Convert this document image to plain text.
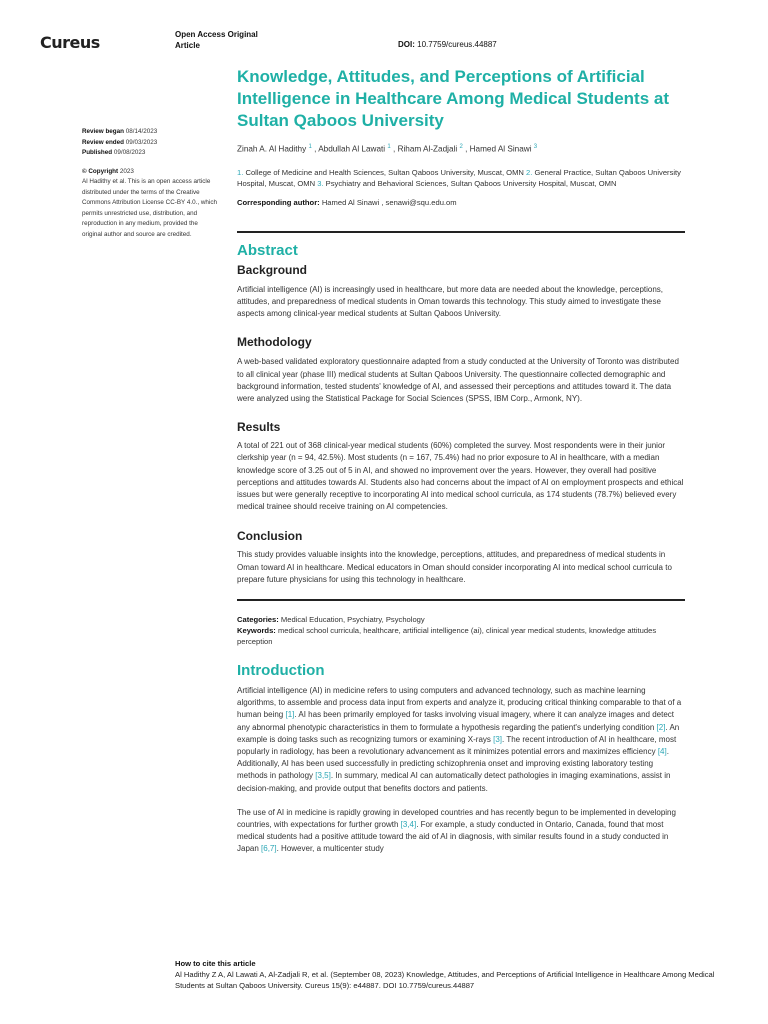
Cureus	Open Access Original
Article	DOI: 10.7759/cureus.44887
Review began 08/14/2023
Review ended 09/03/2023
Published 09/08/2023
© Copyright 2023
Al Hadithy et al. This is an open access article distributed under the terms of the Creative Commons Attribution License CC-BY 4.0., which permits unrestricted use, distribution, and reproduction in any medium, provided the original author and source are credited.
Knowledge, Attitudes, and Perceptions of Artificial Intelligence in Healthcare Among Medical Students at Sultan Qaboos University
Zinah A. Al Hadithy $^1$ , Abdullah Al Lawati $^1$ , Riham Al-Zadjali $^2$ , Hamed Al Sinawi $^3$
1. College of Medicine and Health Sciences, Sultan Qaboos University, Muscat, OMN 2. General Practice, Sultan Qaboos University Hospital, Muscat, OMN 3. Psychiatry and Behavioral Sciences, Sultan Qaboos University Hospital, Muscat, OMN
Corresponding author: Hamed Al Sinawi , senawi@squ.edu.om
Abstract
Background

Artificial intelligence (AI) is increasingly used in healthcare, but more data are needed about the knowledge, perceptions, attitudes, and preparedness of medical students in Oman towards this technology. This study aimed to investigate these aspects among clinical-year medical students at Sultan Qaboos University.

Methodology

A web-based validated exploratory questionnaire adapted from a study conducted at the University of Toronto was distributed to all clinical year (phase III) medical students at Sultan Qaboos University. The questionnaire collected demographic and background information, tested students' knowledge of AI, and assessed their perceptions and attitudes toward it. The data were analyzed using the Statistical Package for Social Sciences (SPSS, IBM Corp., Armonk, NY).

Results

A total of 221 out of 368 clinical-year medical students (60%) completed the survey. Most respondents were in their junior clerkship year (n = 94, 42.5%). Most students (n = 167, 75.4%) had no prior exposure to AI in healthcare, with a median knowledge score of 3.25 out of 5 in AI, and showed no improvement over the years. However, they overall had positive perceptions and attitudes towards AI. Students also had concerns about the impact of AI on employment prospects and ethical issues but were generally receptive to incorporating AI into medical school curricula, as 174 students (78.7%) believed every medical trainee should receive training on AI competencies.

Conclusion

This study provides valuable insights into the knowledge, perceptions, attitudes, and preparedness of medical students in Oman toward AI in healthcare. Medical educators in Oman should consider incorporating AI into medical school curricula to prepare future physicians for using this technology in healthcare.

Categories: Medical Education, Psychiatry, Psychology
Keywords: medical school curricula, healthcare, artificial intelligence (ai), clinical year medical students, knowledge attitudes perception
Introduction

Artificial intelligence (AI) in medicine refers to using computers and advanced technology, such as machine learning algorithms, to assemble and process data input from experts and analyze it, producing critical thinking comparable to that of a human being [1]. AI has been primarily employed for tasks involving visual imagery, where it can analyze images and detect any abnormal phenotypic characteristics in them to formulate a hypothesis regarding the patient's underlying condition [2]. An example is doing tasks such as recognizing tumors or examining X-rays [3]. The recent introduction of AI in healthcare, most popularly in radiology, has been a revolutionary advancement as it minimizes potential errors and maximizes efficiency [4]. Additionally, AI has been used successfully in predicting schizophrenia onset and improving existing laboratory testing methods in pathology [3,5]. In summary, medical AI can automatically detect pathologies in imaging examinations, assist in decision-making, and provide output that benefits doctors and patients.

The use of AI in medicine is rapidly growing in developed countries and has recently begun to be implemented in developing countries, with expectations for further growth [3,4]. For example, a study conducted in Ontario, Canada, found that most medical students had a positive attitude toward the aid of AI in diagnosis, with similar results found in a study conducted in Japan [6,7]. However, a multicenter study

How to cite this article
Al Hadithy Z A, Al Lawati A, Al-Zadjali R, et al. (September 08, 2023) Knowledge, Attitudes, and Perceptions of Artificial Intelligence in Healthcare Among Medical Students at Sultan Qaboos University. Cureus 15(9): e44887. DOI 10.7759/cureus.44887
